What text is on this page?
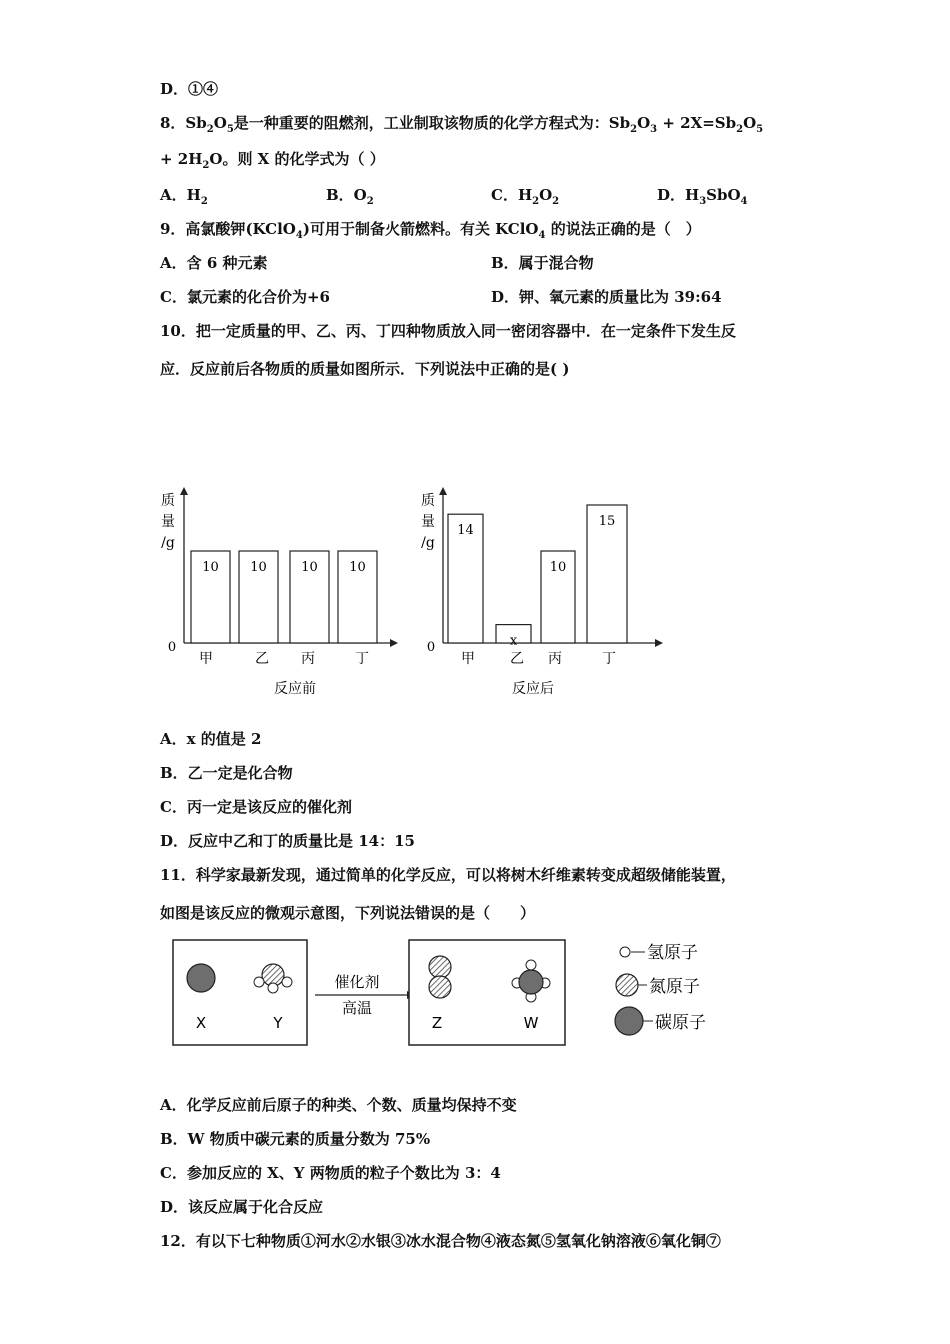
D．①④
8．$Sb_2O_5$是一种重要的阻燃剂，工业制取该物质的化学方程式为：$Sb_2O_3 + 2X=Sb_2O_5$
+ $2H_2O$。则 X 的化学式为（ ）
A．$H_2$	B．$O_2$	C．$H_2O_2$	D．$H_3SbO_4$
9．高氯酸钾(KClO$_4$)可用于制备火箭燃料。有关 KClO$_4$ 的说法正确的是（　）
A．含 6 种元素	B．属于混合物
C．氯元素的化合价为+6	D．钾、氧元素的质量比为 39:64
10．把一定质量的甲、乙、丙、丁四种物质放入同一密闭容器中．在一定条件下发生反
应．反应前后各物质的质量如图所示．下列说法中正确的是( )
质
量
/g
0
10
甲
10
乙
10
丙
10
丁
反应前
质
量
/g
0
14
甲
x
乙
10
丙
15
丁
反应后
A．x 的值是 2
B．乙一定是化合物
C．丙一定是该反应的催化剂
D．反应中乙和丁的质量比是 14：15
11．科学家最新发现，通过简单的化学反应，可以将树木纤维素转变成超级储能装置，
如图是该反应的微观示意图，下列说法错误的是（　　）
X	Y
催化剂
高温
Z	W
氢原子
氮原子
碳原子
A．化学反应前后原子的种类、个数、质量均保持不变
B．W 物质中碳元素的质量分数为 75%
C．参加反应的 X、Y 两物质的粒子个数比为 3：4
D．该反应属于化合反应
12．有以下七种物质①河水②水银③冰水混合物④液态氮⑤氢氧化钠溶液⑥氧化铜⑦
